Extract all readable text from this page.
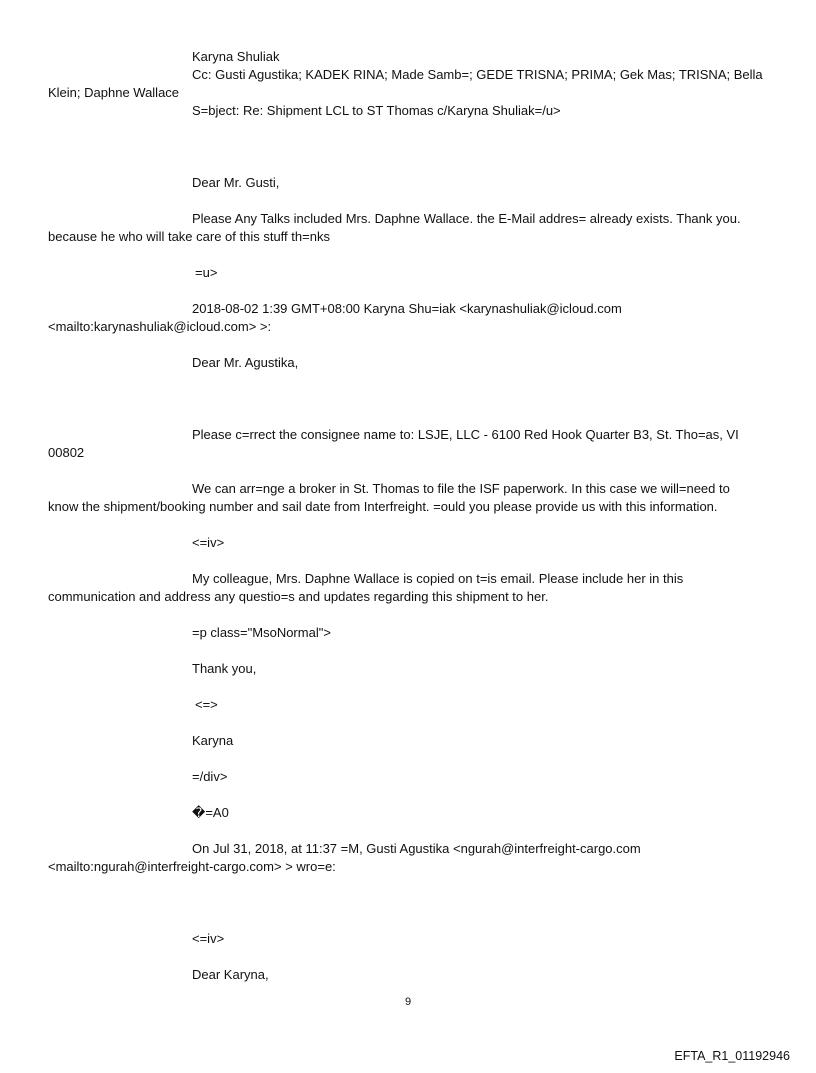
Karyna Shuliak

Cc: Gusti Agustika; KADEK RINA; Made Samb=; GEDE TRISNA; PRIMA; Gek Mas; TRISNA; Bella

Klein; Daphne Wallace

S=bject: Re: Shipment LCL to ST Thomas c/Karyna Shuliak=/u>

Dear Mr. Gusti,

Please Any Talks included Mrs. Daphne Wallace. the E-Mail addres= already exists. Thank you.

because he who will take care of this stuff th=nks

=u>

2018-08-02 1:39 GMT+08:00 Karyna Shu=iak <karynashuliak@icloud.com

<mailto:karynashuliak@icloud.com> >:

Dear Mr. Agustika,

Please c=rrect the consignee name to: LSJE, LLC - 6100 Red Hook Quarter B3, St. Tho=as, VI

00802

We can arr=nge a broker in St. Thomas to file the ISF paperwork. In this case we will=need to

know the shipment/booking number and sail date from Interfreight. =ould you please provide us with this information.

<=iv>

My colleague, Mrs. Daphne Wallace is copied on t=is email. Please include her in this

communication and address any questio=s and updates regarding this shipment to her.

=p class="MsoNormal">

Thank you,

<=>

Karyna

=/div>

�=A0

On Jul 31, 2018, at 11:37 =M, Gusti Agustika <ngurah@interfreight-cargo.com

<mailto:ngurah@interfreight-cargo.com> > wro=e:

<=iv>

Dear Karyna,

9
EFTA_R1_01192946
